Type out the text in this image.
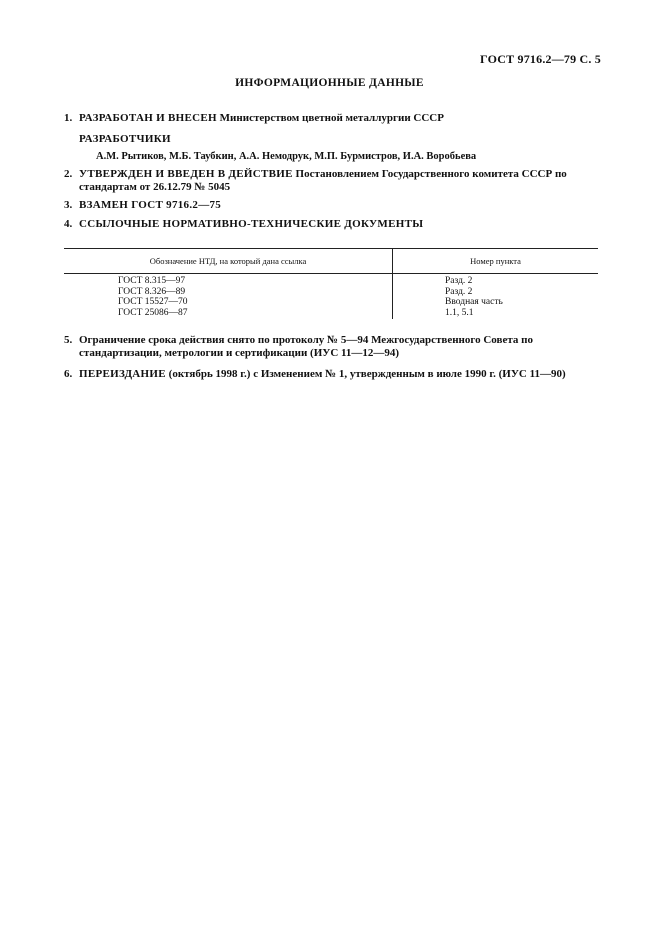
ГОСТ 9716.2—79 С. 5
ИНФОРМАЦИОННЫЕ ДАННЫЕ
1. РАЗРАБОТАН И ВНЕСЕН Министерством цветной металлургии СССР
РАЗРАБОТЧИКИ
А.М. Рытиков, М.Б. Таубкин, А.А. Немодрук, М.П. Бурмистров, И.А. Воробьева
2. УТВЕРЖДЕН И ВВЕДЕН В ДЕЙСТВИЕ Постановлением Государственного комитета СССР по стандартам от 26.12.79 № 5045
3. ВЗАМЕН ГОСТ 9716.2—75
4. ССЫЛОЧНЫЕ НОРМАТИВНО-ТЕХНИЧЕСКИЕ ДОКУМЕНТЫ
Обозначение НТД, на который дана ссылка	Номер пункта
ГОСТ 8.315—97	Разд. 2
ГОСТ 8.326—89	Разд. 2
ГОСТ 15527—70	Вводная часть
ГОСТ 25086—87	1.1, 5.1
5. Ограничение срока действия снято по протоколу № 5—94 Межгосударственного Совета по стандартизации, метрологии и сертификации (ИУС 11—12—94)
6. ПЕРЕИЗДАНИЕ (октябрь 1998 г.) с Изменением № 1, утвержденным в июле 1990 г. (ИУС 11—90)
